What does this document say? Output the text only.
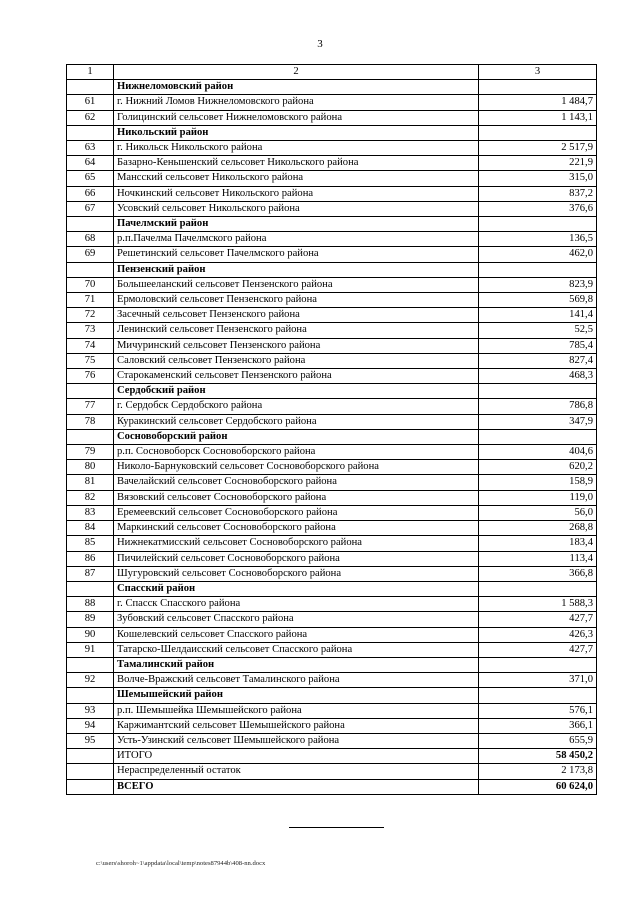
3
1	2	3
	Нижнеломовский район	
61	г. Нижний Ломов Нижнеломовского района	1 484,7
62	Голицинский сельсовет Нижнеломовского района	1 143,1
	Никольский район	
63	г. Никольск Никольского района	2 517,9
64	Базарно-Кеньшенский сельсовет Никольского района	221,9
65	Мансский сельсовет Никольского района	315,0
66	Ночкинский сельсовет Никольского района	837,2
67	Усовский сельсовет Никольского района	376,6
	Пачелмский район	
68	р.п.Пачелма Пачелмского района	136,5
69	Решетинский сельсовет Пачелмского района	462,0
	Пензенский район	
70	Большееланский сельсовет Пензенского района	823,9
71	Ермоловский сельсовет Пензенского района	569,8
72	Засечный сельсовет Пензенского района	141,4
73	Ленинский сельсовет Пензенского района	52,5
74	Мичуринский сельсовет Пензенского района	785,4
75	Саловский сельсовет Пензенского района	827,4
76	Старокаменский сельсовет Пензенского района	468,3
	Сердобский район	
77	г. Сердобск Сердобского района	786,8
78	Куракинский сельсовет Сердобского района	347,9
	Сосновоборский район	
79	р.п. Сосновоборск Сосновоборского района	404,6
80	Николо-Барнуковский сельсовет Сосновоборского района	620,2
81	Вачелайский сельсовет Сосновоборского района	158,9
82	Вязовский сельсовет Сосновоборского района	119,0
83	Еремеевский сельсовет Сосновоборского района	56,0
84	Маркинский сельсовет Сосновоборского района	268,8
85	Нижнекатмисский сельсовет Сосновоборского района	183,4
86	Пичилейский сельсовет Сосновоборского района	113,4
87	Шугуровский сельсовет Сосновоборского района	366,8
	Спасский район	
88	г. Спасск Спасского района	1 588,3
89	Зубовский сельсовет Спасского района	427,7
90	Кошелевский сельсовет Спасского района	426,3
91	Татарско-Шелдаисский сельсовет Спасского района	427,7
	Тамалинский район	
92	Волче-Вражский сельсовет Тамалинского района	371,0
	Шемышейский район	
93	р.п. Шемышейка Шемышейского района	576,1
94	Каржимантский сельсовет Шемышейского района	366,1
95	Усть-Узинский сельсовет Шемышейского района	655,9
	ИТОГО	58 450,2
	Нераспределенный остаток	2 173,8
	ВСЕГО	60 624,0
c:\users\shoroh~1\appdata\local\temp\notes87944b\408-nn.docx
